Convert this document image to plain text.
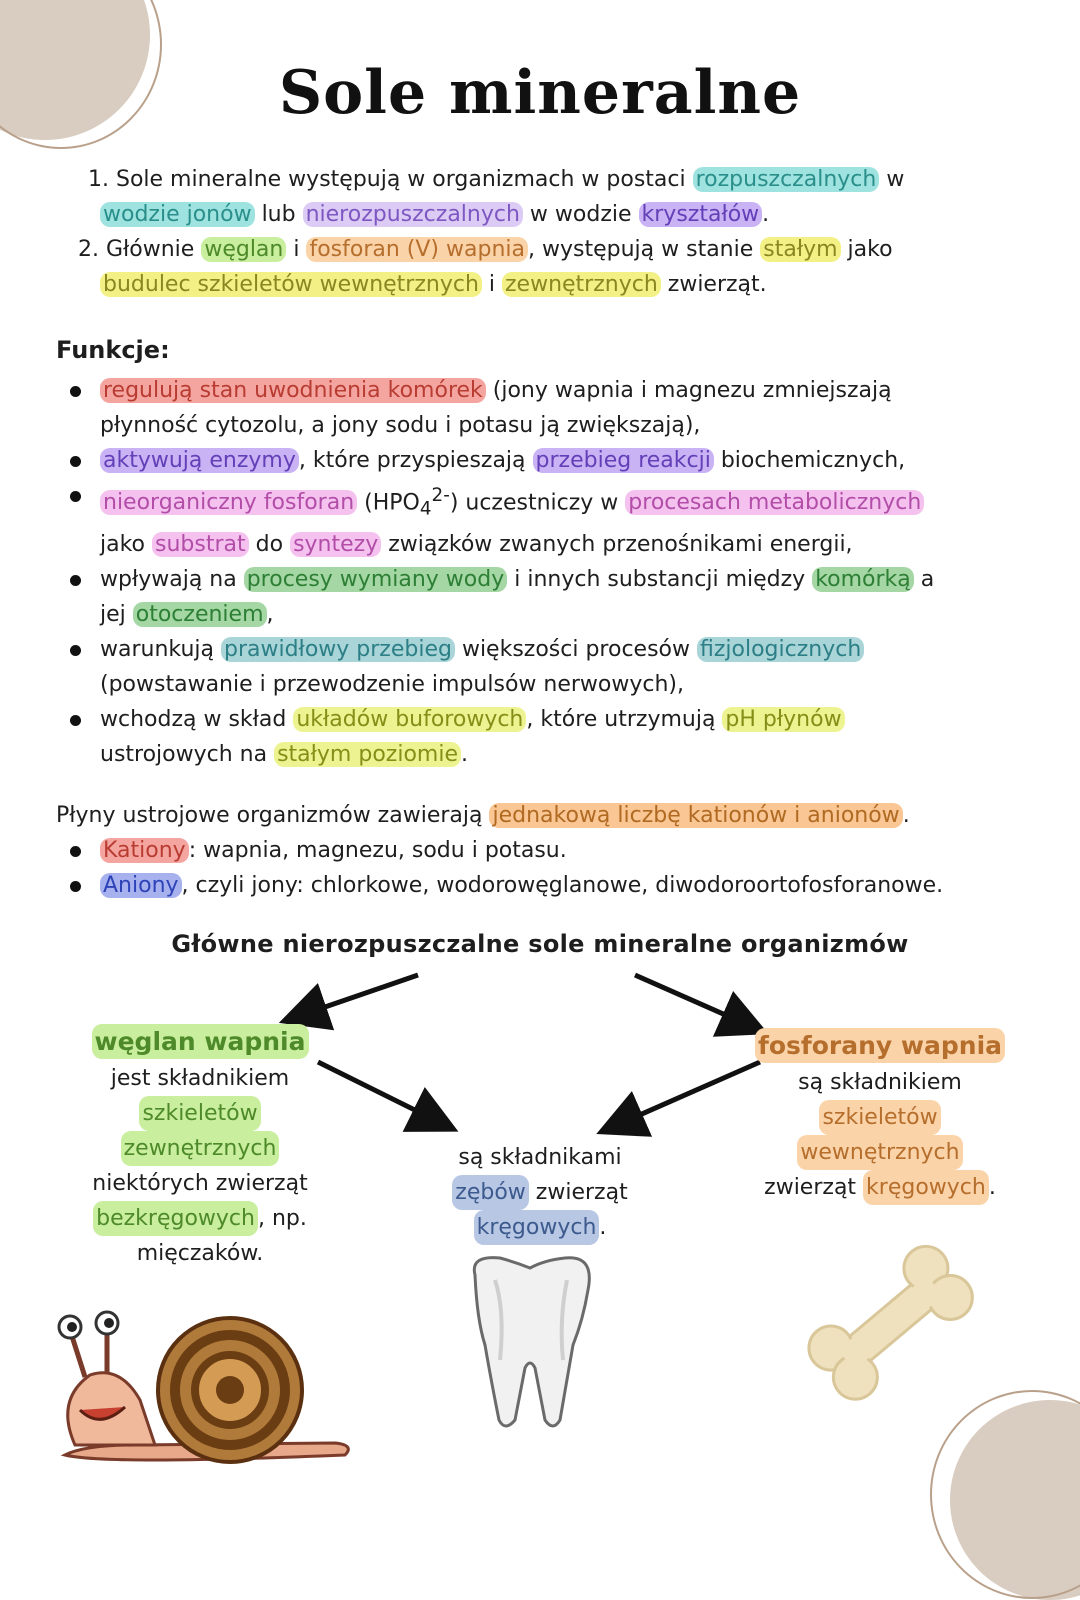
Sole mineralne
1. Sole mineralne występują w organizmach w postaci rozpuszczalnych w
wodzie jonów lub nierozpuszczalnych w wodzie kryształów .
2. Głównie węglan i fosforan (V) wapnia , występują w stanie stałym jako
budulec szkieletów wewnętrznych i zewnętrznych zwierząt.
Funkcje:
regulują stan uwodnienia komórek (jony wapnia i magnezu zmniejszają
płynność cytozolu, a jony sodu i potasu ją zwiększają),
aktywują enzymy , które przyspieszają przebieg reakcji biochemicznych,
nieorganiczny fosforan $(HPO_4^{2-})$ uczestniczy w procesach metabolicznych
jako substrat do syntezy związków zwanych przenośnikami energii,
wpływają na procesy wymiany wody i innych substancji między komórką a
jej otoczeniem ,
warunkują prawidłowy przebieg większości procesów fizjologicznych
(powstawanie i przewodzenie impulsów nerwowych),
wchodzą w skład układów buforowych , które utrzymują pH płynów
ustrojowych na stałym poziomie .
Płyny ustrojowe organizmów zawierają jednakową liczbę kationów i anionów .
Kationy : wapnia, magnezu, sodu i potasu.
Aniony , czyli jony: chlorkowe, wodorowęglanowe, diwodoroortofosforanowe.
Główne nierozpuszczalne sole mineralne organizmów
węglan wapnia
jest składnikiem
szkieletów
zewnętrznych
niektórych zwierząt
bezkręgowych , np.
mięczaków.
są składnikami
zębów zwierząt
kręgowych .
fosforany wapnia
są składnikiem
szkieletów
wewnętrznych
zwierząt kręgowych .
